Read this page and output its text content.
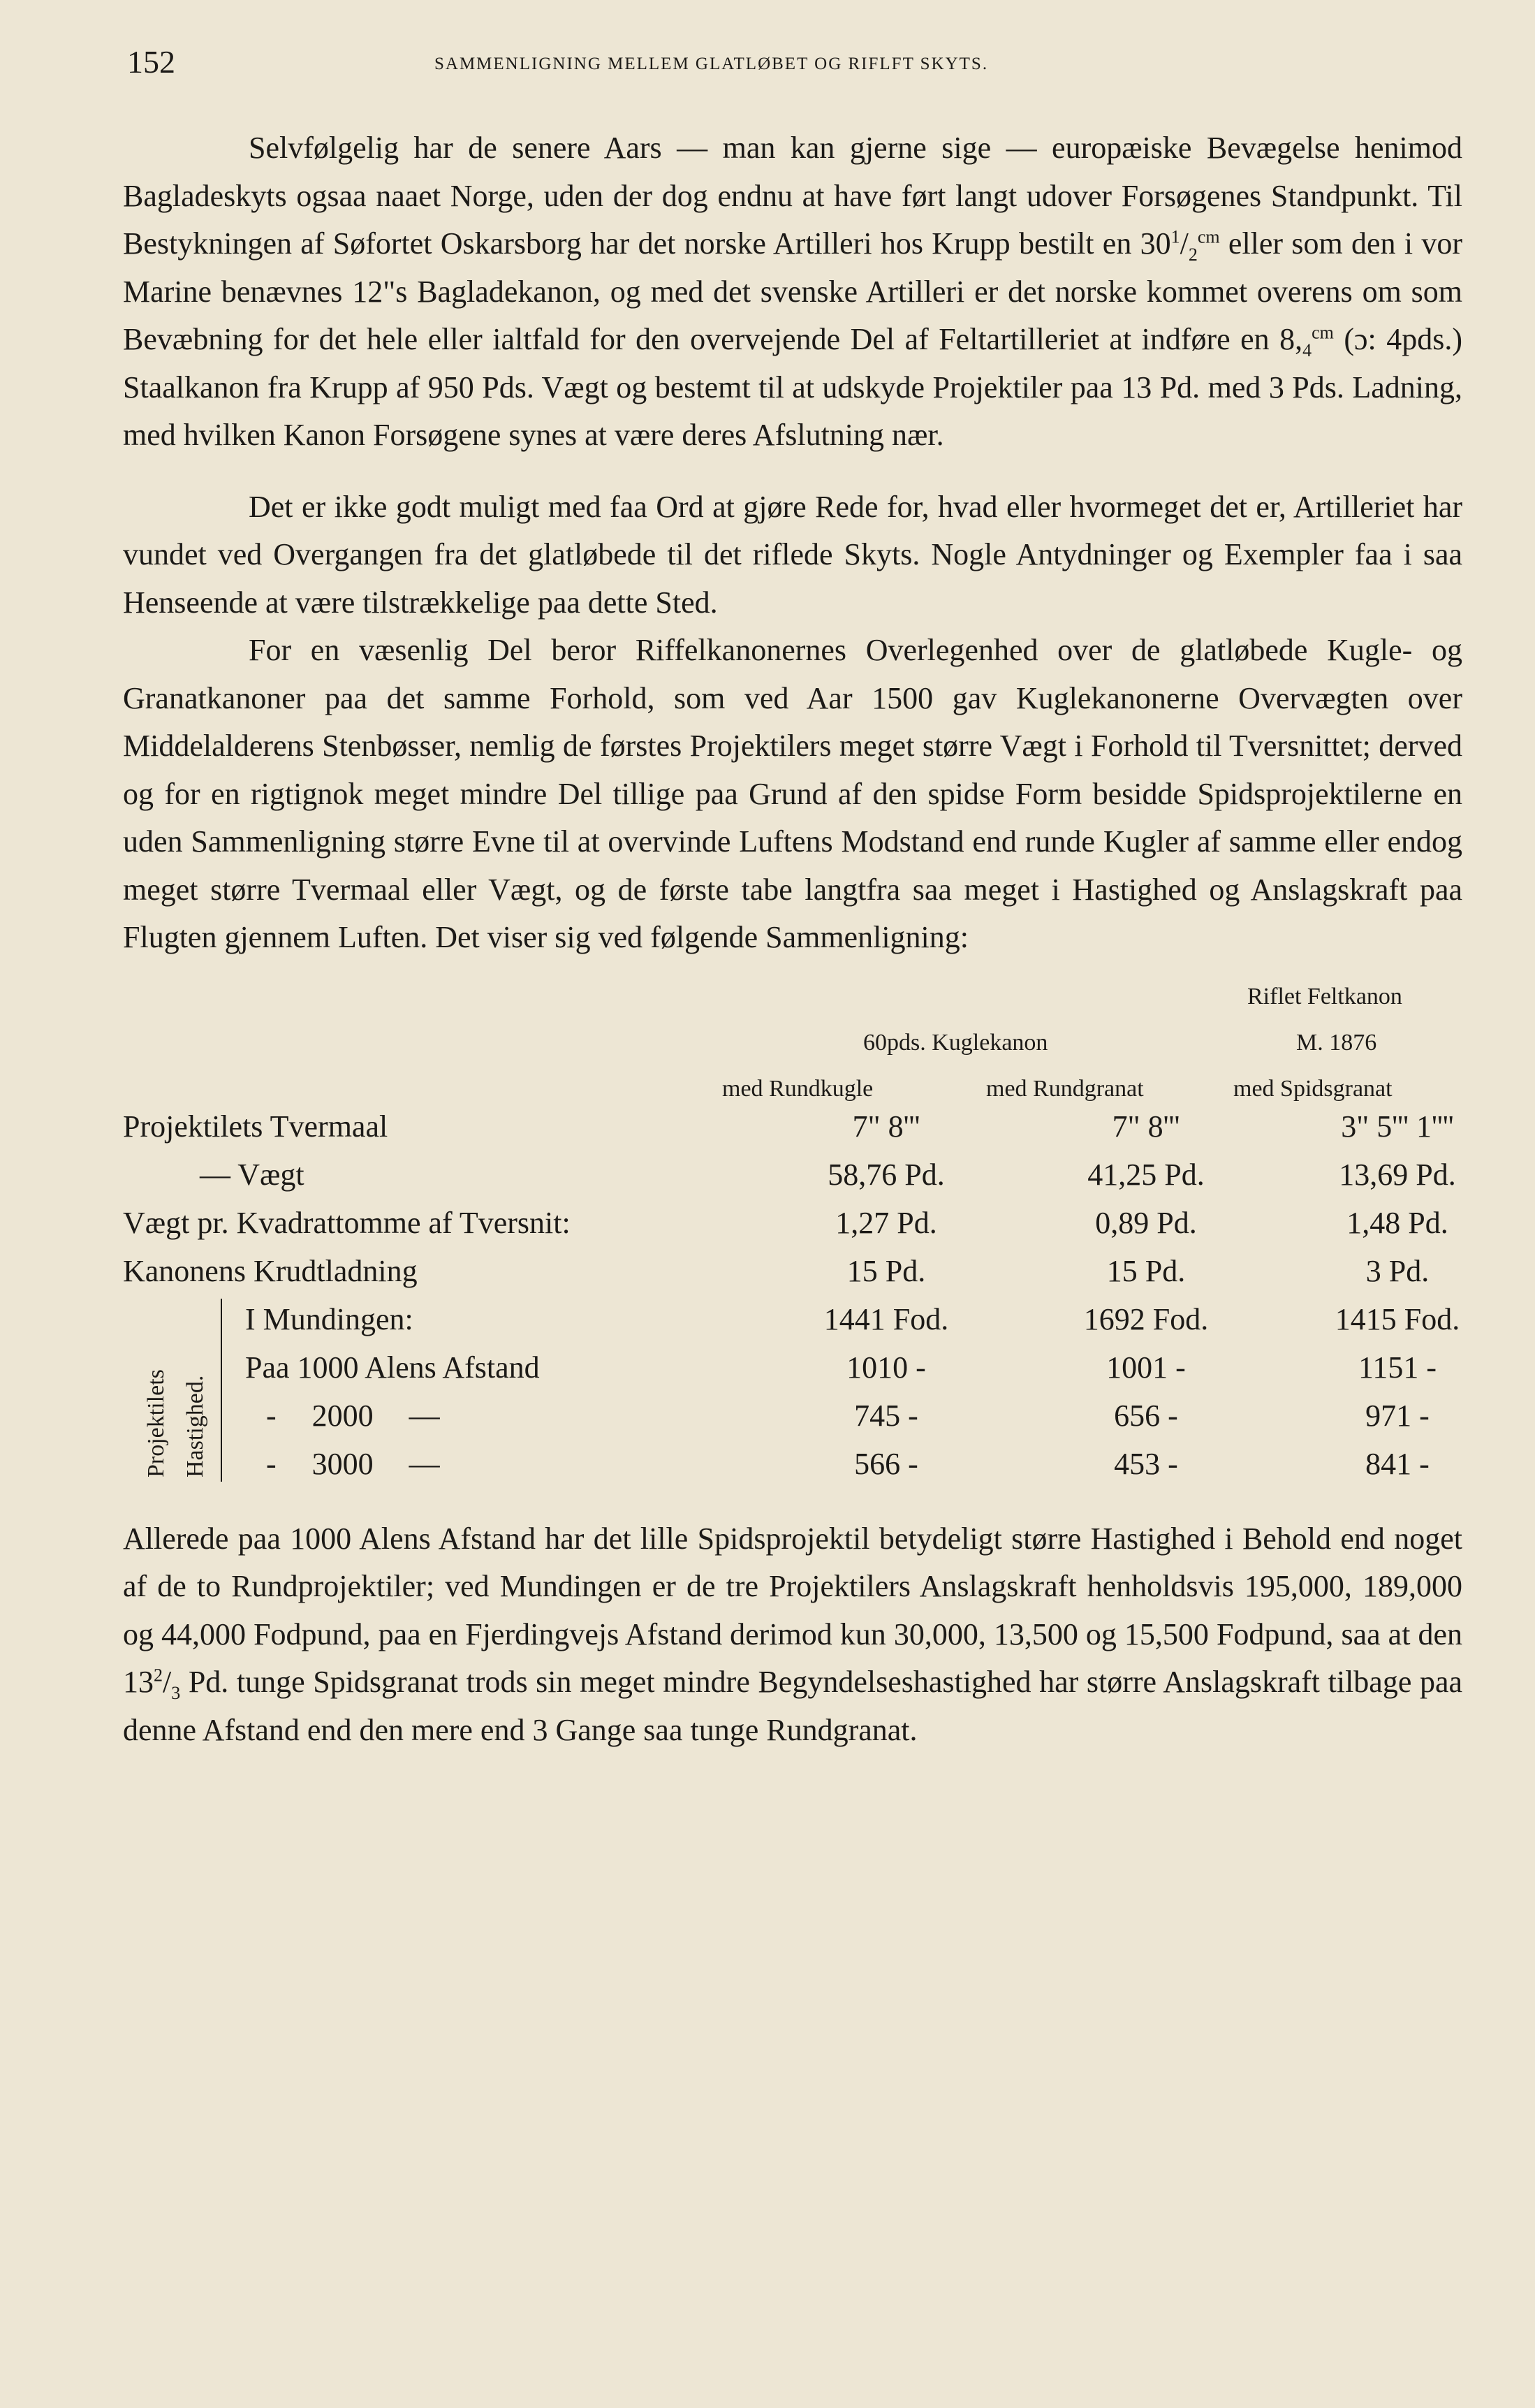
152	SAMMENLIGNING MELLEM GLATLØBET OG RIFLFT SKYTS.

Selvfølgelig har de senere Aars — man kan gjerne sige — europæiske Bevægelse henimod Bagladeskyts ogsaa naaet Norge, uden der dog endnu at have ført langt udover Forsøgenes Standpunkt. Til Bestykningen af Søfortet Oskarsborg har det norske Artilleri hos Krupp bestilt en $30^1/_2^{cm}$ eller som den i vor Marine benævnes 12"s Bagladekanon, og med det svenske Artilleri er det norske kommet overens om som Bevæbning for det hele eller ialtfald for den overvejende Del af Feltartilleriet at indføre en $8,_4^{cm}$ (ɔ: 4pds.) Staalkanon fra Krupp af 950 Pds. Vægt og bestemt til at udskyde Projektiler paa 13 Pd. med 3 Pds. Ladning, med hvilken Kanon Forsøgene synes at være deres Afslutning nær.

Det er ikke godt muligt med faa Ord at gjøre Rede for, hvad eller hvormeget det er, Artilleriet har vundet ved Overgangen fra det glatløbede til det riflede Skyts. Nogle Antydninger og Exempler faa i saa Henseende at være tilstrækkelige paa dette Sted.

For en væsenlig Del beror Riffelkanonernes Overlegenhed over de glatløbede Kugle- og Granatkanoner paa det samme Forhold, som ved Aar 1500 gav Kuglekanonerne Overvægten over Middelalderens Stenbøsser, nemlig de førstes Projektilers meget større Vægt i Forhold til Tversnittet; derved og for en rigtignok meget mindre Del tillige paa Grund af den spidse Form besidde Spidsprojektilerne en uden Sammenligning større Evne til at overvinde Luftens Modstand end runde Kugler af samme eller endog meget større Tvermaal eller Vægt, og de første tabe langtfra saa meget i Hastighed og Anslagskraft paa Flugten gjennem Luften. Det viser sig ved følgende Sammenligning:

Riflet Feltkanon
60pds. Kuglekanon	M. 1876
med Rundkugle	med Rundgranat	med Spidsgranat
Projektilets Tvermaal	7" 8'''	7" 8'''	3" 5''' 1''''
— Vægt	58,76 Pd.	41,25 Pd.	13,69 Pd.
Vægt pr. Kvadrattomme af Tversnit:	1,27 Pd.	0,89 Pd.	1,48 Pd.
Kanonens Krudtladning	15 Pd.	15 Pd.	3 Pd.
Projektilets Hastighed.
I Mundingen:	1441 Fod.	1692 Fod.	1415 Fod.
Paa 1000 Alens Afstand	1010 -	1001 -	1151 -
- 2000 —	745 -	656 -	971 -
- 3000 —	566 -	453 -	841 -

Allerede paa 1000 Alens Afstand har det lille Spidsprojektil betydeligt større Hastighed i Behold end noget af de to Rundprojektiler; ved Mundingen er de tre Projektilers Anslagskraft henholdsvis 195,000, 189,000 og 44,000 Fodpund, paa en Fjerdingvejs Afstand derimod kun 30,000, 13,500 og 15,500 Fodpund, saa at den $13^2/_3$ Pd. tunge Spidsgranat trods sin meget mindre Begyndelseshastighed har større Anslagskraft tilbage paa denne Afstand end den mere end 3 Gange saa tunge Rundgranat.
